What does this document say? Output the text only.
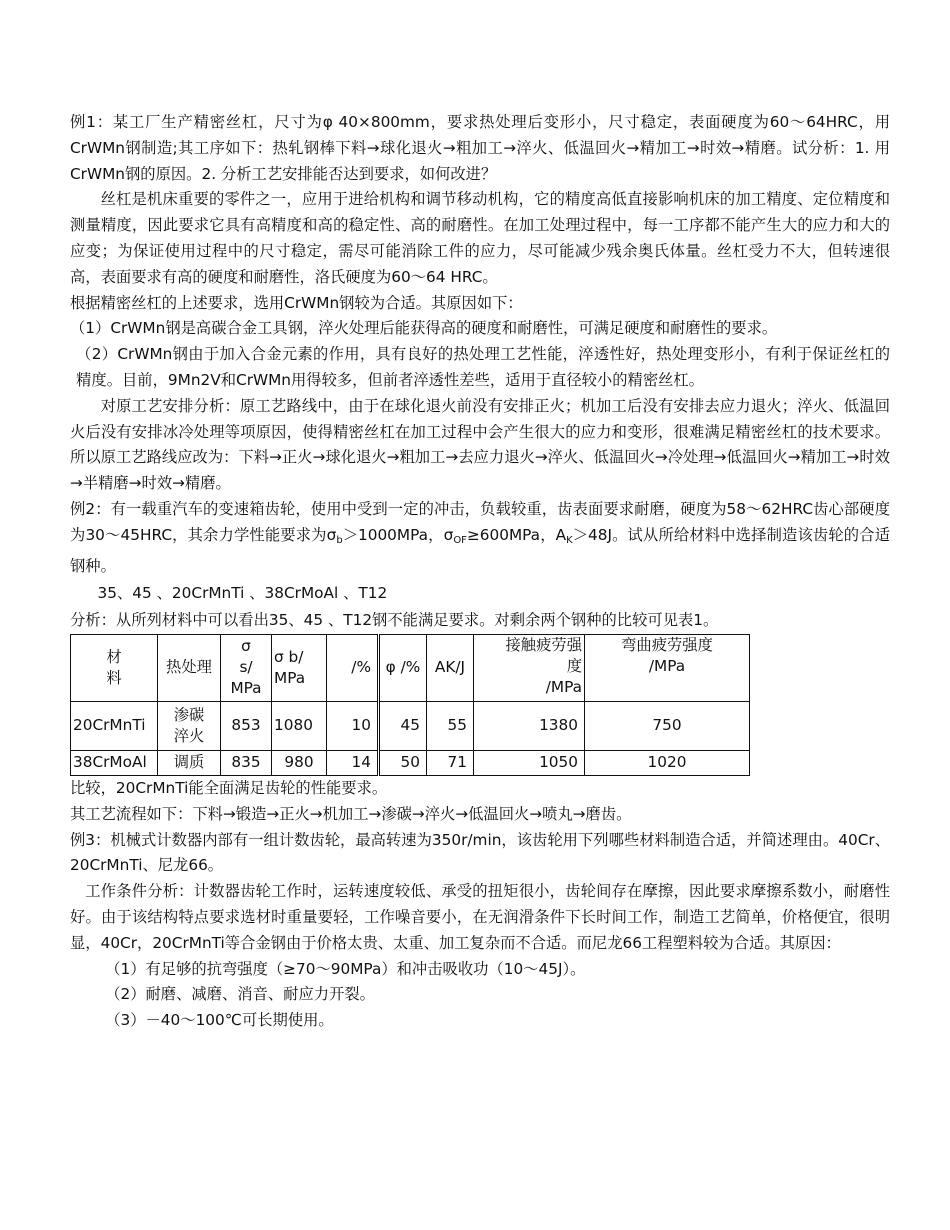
例1：某工厂生产精密丝杠，尺寸为φ 40×800mm，要求热处理后变形小，尺寸稳定，表面硬度为60～64HRC，用CrWMn钢制造;其工序如下：热轧钢棒下料→球化退火→粗加工→淬火、低温回火→精加工→时效→精磨。试分析：1. 用CrWMn钢的原因。2. 分析工艺安排能否达到要求，如何改进？

丝杠是机床重要的零件之一，应用于进给机构和调节移动机构，它的精度高低直接影响机床的加工精度、定位精度和测量精度，因此要求它具有高精度和高的稳定性、高的耐磨性。在加工处理过程中，每一工序都不能产生大的应力和大的应变；为保证使用过程中的尺寸稳定，需尽可能消除工件的应力，尽可能减少残余奥氏体量。丝杠受力不大，但转速很高，表面要求有高的硬度和耐磨性，洛氏硬度为60～64 HRC。

根据精密丝杠的上述要求，选用CrWMn钢较为合适。其原因如下：

（1）CrWMn钢是高碳合金工具钢，淬火处理后能获得高的硬度和耐磨性，可满足硬度和耐磨性的要求。

（2）CrWMn钢由于加入合金元素的作用，具有良好的热处理工艺性能，淬透性好，热处理变形小，有利于保证丝杠的精度。目前，9Mn2V和CrWMn用得较多，但前者淬透性差些，适用于直径较小的精密丝杠。

对原工艺安排分析：原工艺路线中，由于在球化退火前没有安排正火；机加工后没有安排去应力退火；淬火、低温回火后没有安排冰冷处理等项原因，使得精密丝杠在加工过程中会产生很大的应力和变形，很难满足精密丝杠的技术要求。所以原工艺路线应改为：下料→正火→球化退火→粗加工→去应力退火→淬火、低温回火→冷处理→低温回火→精加工→时效→半精磨→时效→精磨。

例2：有一载重汽车的变速箱齿轮，使用中受到一定的冲击，负载较重，齿表面要求耐磨，硬度为58～62HRC齿心部硬度为30～45HRC，其余力学性能要求为$\sigma_b>1000MPa$，$\sigma_{OF}\ge 600MPa$，$A_K>48J$。试从所给材料中选择制造该齿轮的合适钢种。

35、45 、20CrMnTi 、38CrMoAl 、T12

分析：从所列材料中可以看出35、45 、T12钢不能满足要求。对剩余两个钢种的比较可见表1。

材
料	热处理	σ
s/
MPa	σ b/
MPa	/%	φ /%	AK/J	接触疲劳强
度
/MPa	弯曲疲劳强度
/MPa

20CrMnTi	渗碳
淬火	853	1080	10	45	55	1380	750
38CrMoAl	调质	835	980	14	50	71	1050	1020

比较，20CrMnTi能全面满足齿轮的性能要求。

其工艺流程如下：下料→锻造→正火→机加工→渗碳→淬火→低温回火→喷丸→磨齿。

例3：机械式计数器内部有一组计数齿轮，最高转速为350r/min，该齿轮用下列哪些材料制造合适，并简述理由。40Cr、20CrMnTi、尼龙66。

工作条件分析：计数器齿轮工作时，运转速度较低、承受的扭矩很小，齿轮间存在摩擦，因此要求摩擦系数小，耐磨性好。由于该结构特点要求选材时重量要轻，工作噪音要小，在无润滑条件下长时间工作，制造工艺简单，价格便宜，很明显，40Cr，20CrMnTi等合金钢由于价格太贵、太重、加工复杂而不合适。而尼龙66工程塑料较为合适。其原因：

（1）有足够的抗弯强度（≥70～90MPa）和冲击吸收功（10～45J）。

（2）耐磨、减磨、消音、耐应力开裂。

（3）－40～100℃可长期使用。
